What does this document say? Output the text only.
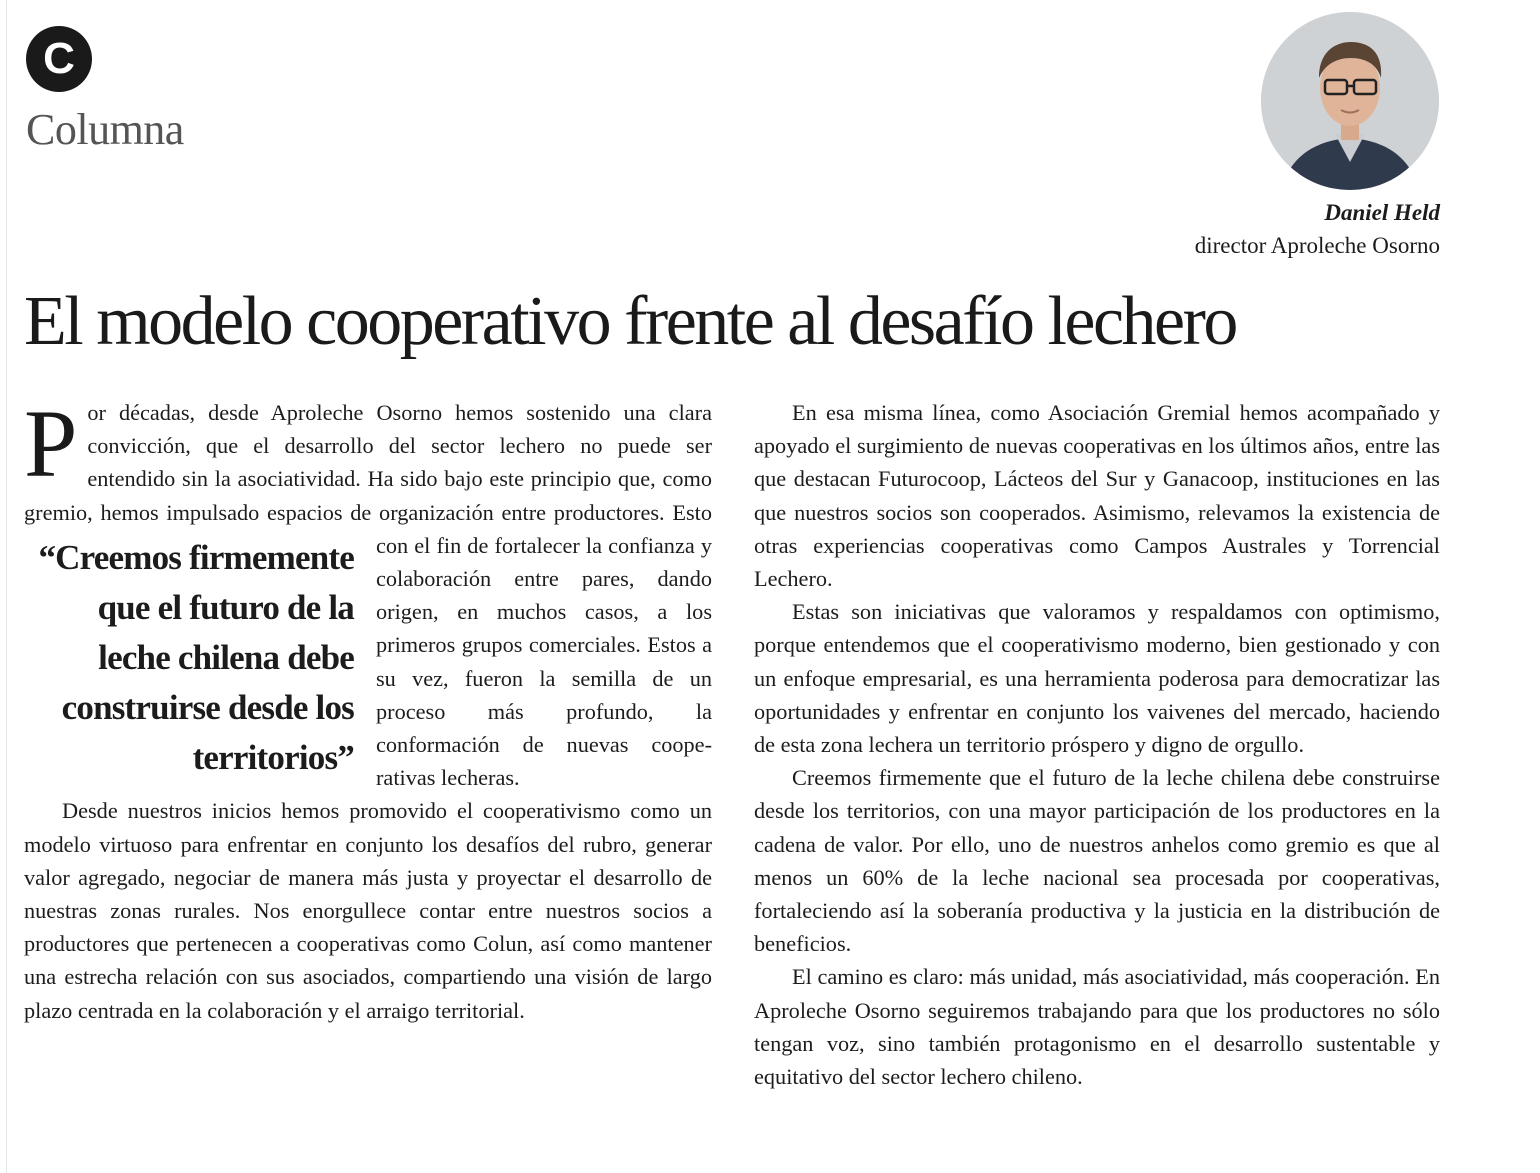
C
Columna
Daniel Held
director Aproleche Osorno
El modelo cooperativo frente al desafío lechero

P or décadas, desde Aproleche Osorno hemos sostenido una clara convicción, que el desarrollo del sector lechero no puede ser entendido sin la asociatividad. Ha sido bajo este principio que, como gremio, hemos impulsado espacios de organización entre productores. Esto con el fin de fortalecer la confianza y
“Creemos firmemente que el futuro de la leche chilena debe construirse desde los territorios”
colaboración entre pares, dando origen, en muchos casos, a los primeros grupos comerciales. Estos a su vez, fueron la semilla de un proceso más profundo, la conformación de nuevas cooperativas lecheras.

Desde nuestros inicios hemos promovido el cooperativismo como un modelo virtuoso para enfrentar en conjunto los desafíos del rubro, generar valor agregado, negociar de manera más justa y proyectar el desarrollo de nuestras zonas rurales. Nos enorgullece contar entre nuestros socios a productores que pertenecen a cooperativas como Colun, así como mantener una estrecha relación con sus asociados, compartiendo una visión de largo plazo centrada en la colaboración y el arraigo territorial.

En esa misma línea, como Asociación Gremial hemos acompañado y apoyado el surgimiento de nuevas cooperativas en los últimos años, entre las que destacan Futurocoop, Lácteos del Sur y Ganacoop, instituciones en las que nuestros socios son cooperados. Asimismo, relevamos la existencia de otras experiencias cooperativas como Campos Australes y Torrencial Lechero.

Estas son iniciativas que valoramos y respaldamos con optimismo, porque entendemos que el cooperativismo moderno, bien gestionado y con un enfoque empresarial, es una herramienta poderosa para democratizar las oportunidades y enfrentar en conjunto los vaivenes del mercado, haciendo de esta zona lechera un territorio próspero y digno de orgullo.

Creemos firmemente que el futuro de la leche chilena debe construirse desde los territorios, con una mayor participación de los productores en la cadena de valor. Por ello, uno de nuestros anhelos como gremio es que al menos un 60% de la leche nacional sea procesada por cooperativas, fortaleciendo así la soberanía productiva y la justicia en la distribución de beneficios.

El camino es claro: más unidad, más asociatividad, más cooperación. En Aproleche Osorno seguiremos trabajando para que los productores no sólo tengan voz, sino también protagonismo en el desarrollo sustentable y equitativo del sector lechero chileno.
